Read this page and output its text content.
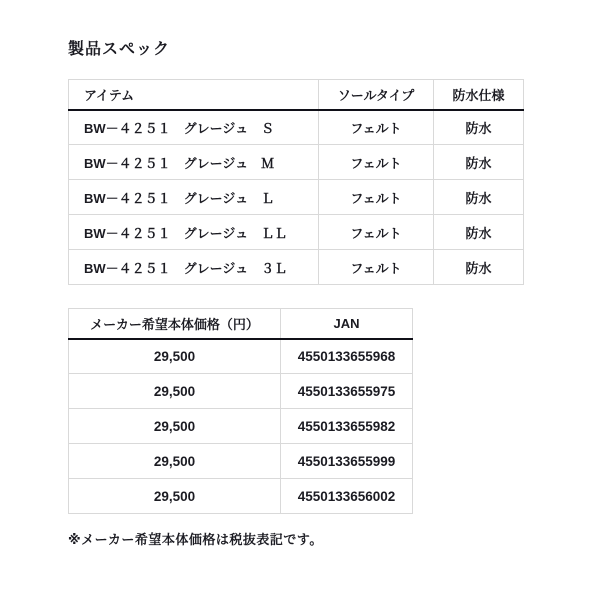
製品スペック
アイテム	ソールタイプ	防水仕様
BW－４２５１　グレージュ　Ｓ	フェルト	防水
BW－４２５１　グレージュ　Ｍ	フェルト	防水
BW－４２５１　グレージュ　Ｌ	フェルト	防水
BW－４２５１　グレージュ　ＬＬ	フェルト	防水
BW－４２５１　グレージュ　３Ｌ	フェルト	防水
メーカー希望本体価格（円）	JAN
29,500	4550133655968
29,500	4550133655975
29,500	4550133655982
29,500	4550133655999
29,500	4550133656002

※メーカー希望本体価格は税抜表記です。
